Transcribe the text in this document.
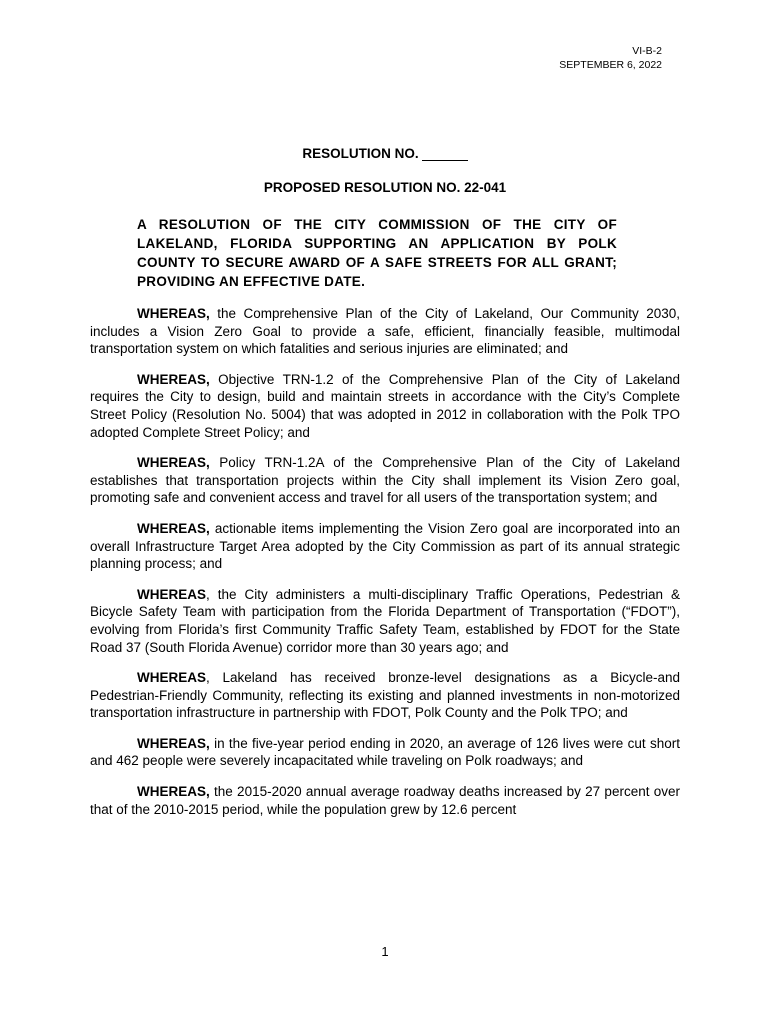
VI-B-2
SEPTEMBER 6, 2022
RESOLUTION NO.
PROPOSED RESOLUTION NO. 22-041
A RESOLUTION OF THE CITY COMMISSION OF THE CITY OF LAKELAND, FLORIDA SUPPORTING AN APPLICATION BY POLK COUNTY TO SECURE AWARD OF A SAFE STREETS FOR ALL GRANT; PROVIDING AN EFFECTIVE DATE.

WHEREAS, the Comprehensive Plan of the City of Lakeland, Our Community 2030, includes a Vision Zero Goal to provide a safe, efficient, financially feasible, multimodal transportation system on which fatalities and serious injuries are eliminated; and

WHEREAS, Objective TRN-1.2 of the Comprehensive Plan of the City of Lakeland requires the City to design, build and maintain streets in accordance with the City’s Complete Street Policy (Resolution No. 5004) that was adopted in 2012 in collaboration with the Polk TPO adopted Complete Street Policy; and

WHEREAS, Policy TRN-1.2A of the Comprehensive Plan of the City of Lakeland establishes that transportation projects within the City shall implement its Vision Zero goal, promoting safe and convenient access and travel for all users of the transportation system; and

WHEREAS, actionable items implementing the Vision Zero goal are incorporated into an overall Infrastructure Target Area adopted by the City Commission as part of its annual strategic planning process; and

WHEREAS, the City administers a multi-disciplinary Traffic Operations, Pedestrian & Bicycle Safety Team with participation from the Florida Department of Transportation (“FDOT”), evolving from Florida’s first Community Traffic Safety Team, established by FDOT for the State Road 37 (South Florida Avenue) corridor more than 30 years ago; and

WHEREAS, Lakeland has received bronze-level designations as a Bicycle-and Pedestrian-Friendly Community, reflecting its existing and planned investments in non-motorized transportation infrastructure in partnership with FDOT, Polk County and the Polk TPO; and

WHEREAS, in the five-year period ending in 2020, an average of 126 lives were cut short and 462 people were severely incapacitated while traveling on Polk roadways; and

WHEREAS, the 2015-2020 annual average roadway deaths increased by 27 percent over that of the 2010-2015 period, while the population grew by 12.6 percent

1
